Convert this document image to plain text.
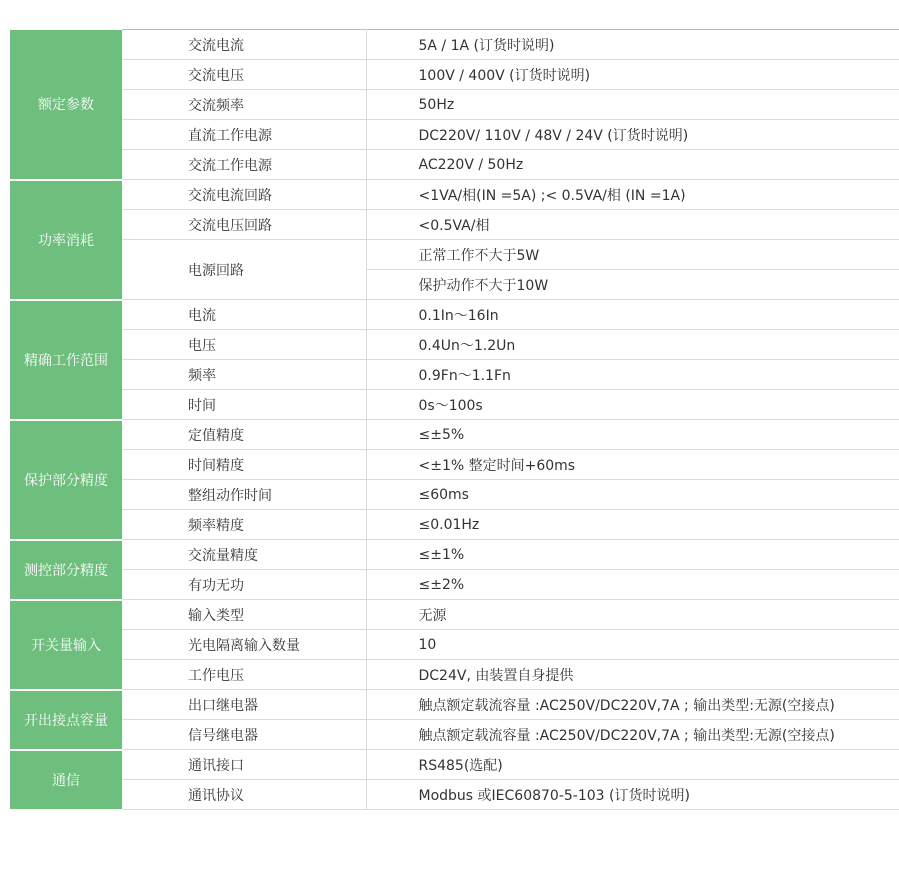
额定参数	交流电流	5A / 1A (订货时说明)
	交流电压	100V / 400V (订货时说明)
	交流频率	50Hz
	直流工作电源	DC220V/ 110V / 48V / 24V (订货时说明)
	交流工作电源	AC220V / 50Hz
功率消耗	交流电流回路	<1VA/相(IN =5A) ;< 0.5VA/相 (IN =1A)
	交流电压回路	<0.5VA/相
	电源回路	正常工作不大于5W
		保护动作不大于10W
精确工作范围	电流	0.1In～16In
	电压	0.4Un～1.2Un
	频率	0.9Fn～1.1Fn
	时间	0s～100s
保护部分精度	定值精度	≤±5%
	时间精度	<±1% 整定时间+60ms
	整组动作时间	≤60ms
	频率精度	≤0.01Hz
测控部分精度	交流量精度	≤±1%
	有功无功	≤±2%
开关量输入	输入类型	无源
	光电隔离输入数量	10
	工作电压	DC24V, 由装置自身提供
开出接点容量	出口继电器	触点额定载流容量 :AC250V/DC220V,7A ; 输出类型:无源(空接点)
	信号继电器	触点额定载流容量 :AC250V/DC220V,7A ; 输出类型:无源(空接点)
通信	通讯接口	RS485(选配)
	通讯协议	Modbus 或IEC60870-5-103 (订货时说明)
